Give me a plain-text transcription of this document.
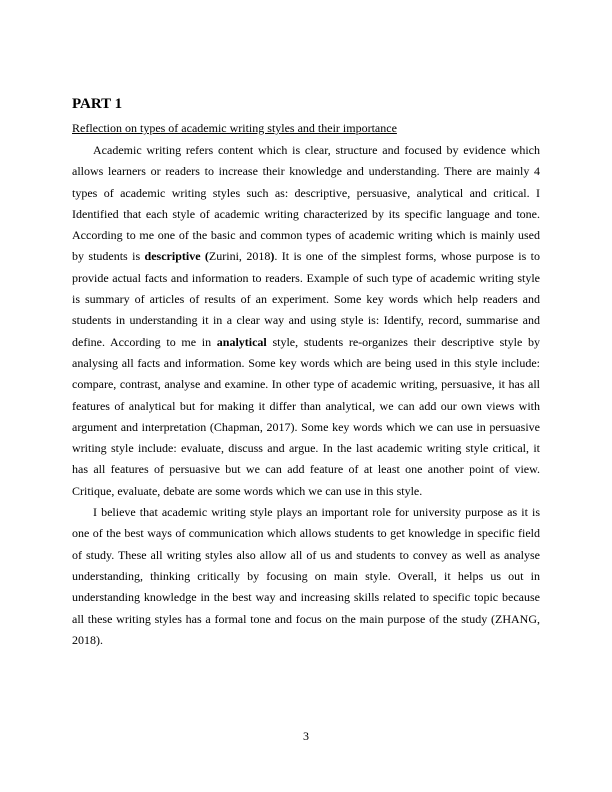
PART 1

Reflection on types of academic writing styles and their importance

Academic writing refers content which is clear, structure and focused by evidence which allows learners or readers to increase their knowledge and understanding. There are mainly 4 types of academic writing styles such as: descriptive, persuasive, analytical and critical. I Identified that each style of academic writing characterized by its specific language and tone. According to me one of the basic and common types of academic writing which is mainly used by students is descriptive (Zurini, 2018). It is one of the simplest forms, whose purpose is to provide actual facts and information to readers. Example of such type of academic writing style is summary of articles of results of an experiment. Some key words which help readers and students in understanding it in a clear way and using style is: Identify, record, summarise and define. According to me in analytical style, students re-organizes their descriptive style by analysing all facts and information. Some key words which are being used in this style include: compare, contrast, analyse and examine. In other type of academic writing, persuasive, it has all features of analytical but for making it differ than analytical, we can add our own views with argument and interpretation (Chapman, 2017). Some key words which we can use in persuasive writing style include: evaluate, discuss and argue. In the last academic writing style critical, it has all features of persuasive but we can add feature of at least one another point of view. Critique, evaluate, debate are some words which we can use in this style.

I believe that academic writing style plays an important role for university purpose as it is one of the best ways of communication which allows students to get knowledge in specific field of study. These all writing styles also allow all of us and students to convey as well as analyse understanding, thinking critically by focusing on main style. Overall, it helps us out in understanding knowledge in the best way and increasing skills related to specific topic because all these writing styles has a formal tone and focus on the main purpose of the study (ZHANG, 2018).

3
